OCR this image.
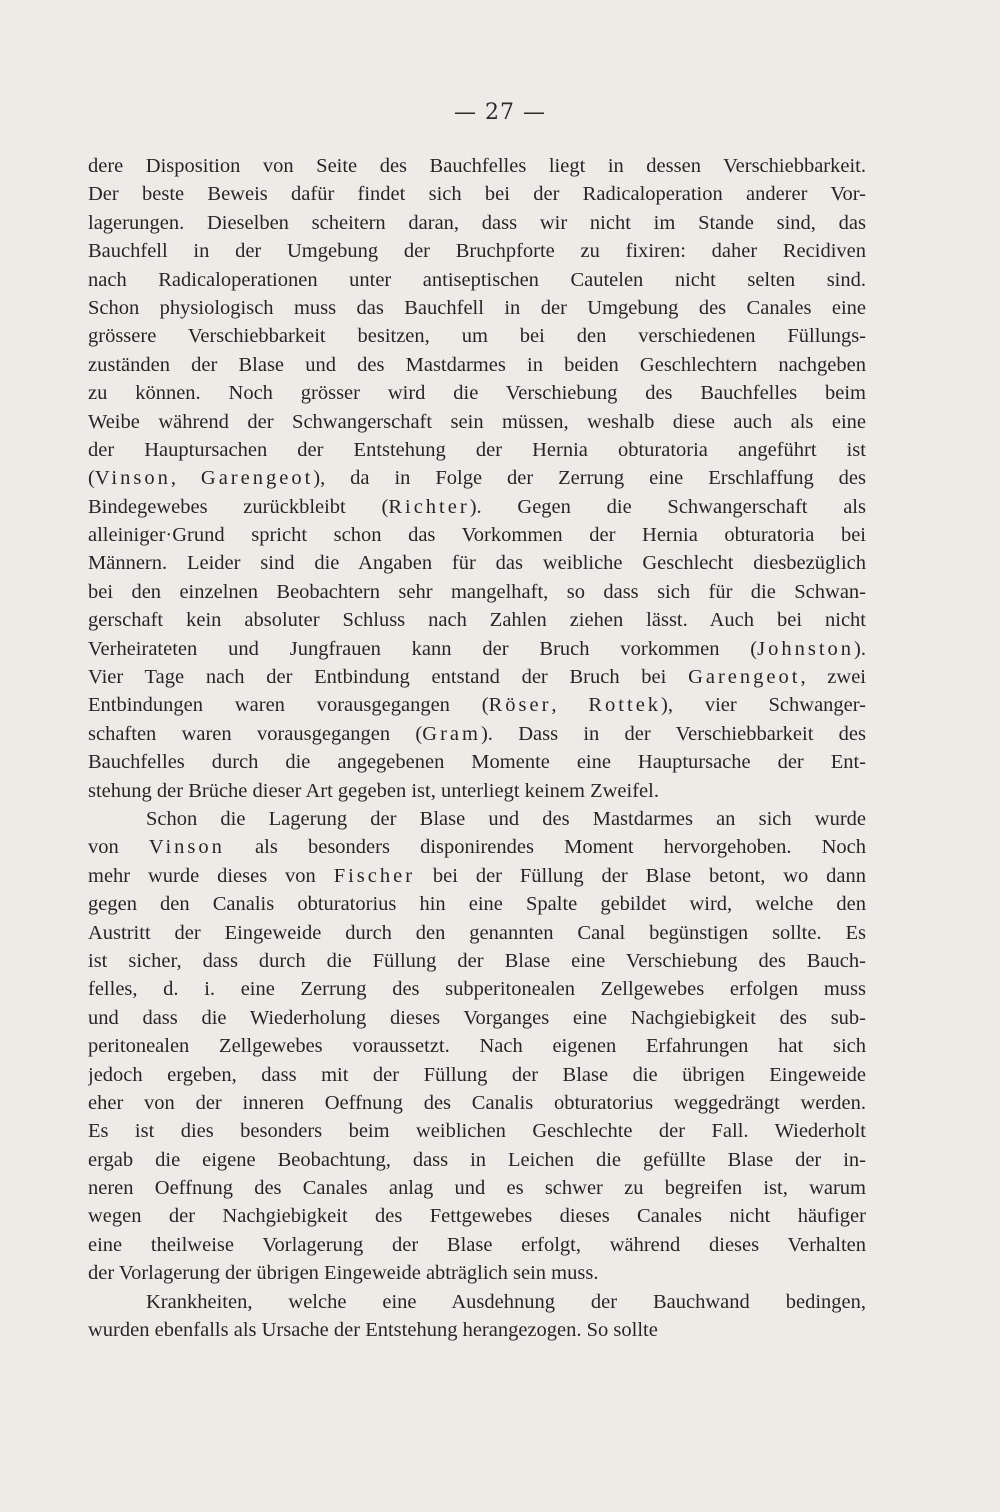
— 27 —
dere Disposition von Seite des Bauchfelles liegt in dessen Verschiebbarkeit.
Der beste Beweis dafür findet sich bei der Radicaloperation anderer Vor-
lagerungen. Dieselben scheitern daran, dass wir nicht im Stande sind, das
Bauchfell in der Umgebung der Bruchpforte zu fixiren: daher Recidiven
nach Radicaloperationen unter antiseptischen Cautelen nicht selten sind.
Schon physiologisch muss das Bauchfell in der Umgebung des Canales eine
grössere Verschiebbarkeit besitzen, um bei den verschiedenen Füllungs-
zuständen der Blase und des Mastdarmes in beiden Geschlechtern nachgeben
zu können. Noch grösser wird die Verschiebung des Bauchfelles beim
Weibe während der Schwangerschaft sein müssen, weshalb diese auch als eine
der Hauptursachen der Entstehung der Hernia obturatoria angeführt ist
(Vinson, Garengeot), da in Folge der Zerrung eine Erschlaffung des
Bindegewebes zurückbleibt (Richter). Gegen die Schwangerschaft als
alleiniger·Grund spricht schon das Vorkommen der Hernia obturatoria bei
Männern. Leider sind die Angaben für das weibliche Geschlecht diesbezüglich
bei den einzelnen Beobachtern sehr mangelhaft, so dass sich für die Schwan-
gerschaft kein absoluter Schluss nach Zahlen ziehen lässt. Auch bei nicht
Verheirateten und Jungfrauen kann der Bruch vorkommen (Johnston).
Vier Tage nach der Entbindung entstand der Bruch bei Garengeot, zwei
Entbindungen waren vorausgegangen (Röser, Rottek), vier Schwanger-
schaften waren vorausgegangen (Gram). Dass in der Verschiebbarkeit des
Bauchfelles durch die angegebenen Momente eine Hauptursache der Ent-
stehung der Brüche dieser Art gegeben ist, unterliegt keinem Zweifel.
Schon die Lagerung der Blase und des Mastdarmes an sich wurde
von Vinson als besonders disponirendes Moment hervorgehoben. Noch
mehr wurde dieses von Fischer bei der Füllung der Blase betont, wo dann
gegen den Canalis obturatorius hin eine Spalte gebildet wird, welche den
Austritt der Eingeweide durch den genannten Canal begünstigen sollte. Es
ist sicher, dass durch die Füllung der Blase eine Verschiebung des Bauch-
felles, d. i. eine Zerrung des subperitonealen Zellgewebes erfolgen muss
und dass die Wiederholung dieses Vorganges eine Nachgiebigkeit des sub-
peritonealen Zellgewebes voraussetzt. Nach eigenen Erfahrungen hat sich
jedoch ergeben, dass mit der Füllung der Blase die übrigen Eingeweide
eher von der inneren Oeffnung des Canalis obturatorius weggedrängt werden.
Es ist dies besonders beim weiblichen Geschlechte der Fall. Wiederholt
ergab die eigene Beobachtung, dass in Leichen die gefüllte Blase der in-
neren Oeffnung des Canales anlag und es schwer zu begreifen ist, warum
wegen der Nachgiebigkeit des Fettgewebes dieses Canales nicht häufiger
eine theilweise Vorlagerung der Blase erfolgt, während dieses Verhalten
der Vorlagerung der übrigen Eingeweide abträglich sein muss.
Krankheiten, welche eine Ausdehnung der Bauchwand bedingen,
wurden ebenfalls als Ursache der Entstehung herangezogen. So sollte
